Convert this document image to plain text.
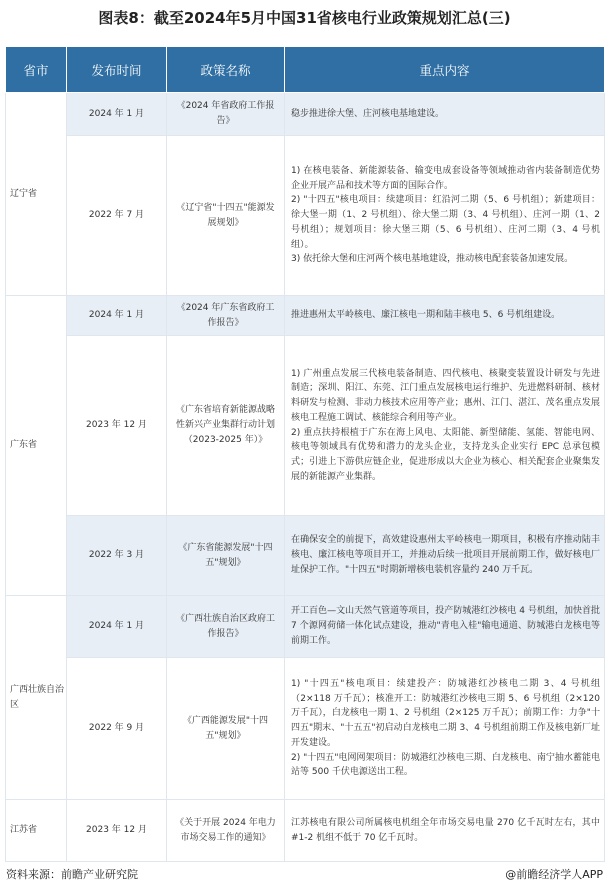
图表8：截至2024年5月中国31省核电行业政策规划汇总(三)
省市	发布时间	政策名称	重点内容
辽宁省	2024 年 1 月	《2024 年省政府工作报告》	稳步推进徐大堡、庄河核电基地建设。

	2022 年 7 月	《辽宁省"十四五"能源发展规划》	1) 在核电装备、新能源装备、输变电成套设备等领域推动省内装备制造优势企业开展产品和技术等方面的国际合作。
2) "十四五"核电项目：续建项目：红沿河二期（5、6 号机组）；新建项目：徐大堡一期（1、2 号机组）、徐大堡二期（3、4 号机组）、庄河一期（1、2 号机组）；规划项目：徐大堡三期（5、6 号机组）、庄河二期（3、4 号机组）。
3) 依托徐大堡和庄河两个核电基地建设，推动核电配套装备加速发展。

广东省	2024 年 1 月	《2024 年广东省政府工作报告》	推进惠州太平岭核电、廉江核电一期和陆丰核电 5、6 号机组建设。

	2023 年 12 月	《广东省培育新能源战略性新兴产业集群行动计划（2023-2025 年）》	1) 广州重点发展三代核电装备制造、四代核电、核聚变装置设计研发与先进制造；深圳、阳江、东莞、江门重点发展核电运行维护、先进燃料研制、核材料研发与检测、非动力核技术应用等产业；惠州、江门、湛江、茂名重点发展核电工程施工调试、核能综合利用等产业。
2) 重点扶持根植于广东在海上风电、太阳能、新型储能、氢能、智能电网、核电等领域具有优势和潜力的龙头企业，支持龙头企业实行 EPC 总承包模式；引进上下游供应链企业，促进形成以大企业为核心、相关配套企业聚集发展的新能源产业集群。

	2022 年 3 月	《广东省能源发展"十四五"规划》	在确保安全的前提下，高效建设惠州太平岭核电一期项目，积极有序推动陆丰核电、廉江核电等项目开工，并推动后续一批项目开展前期工作，做好核电厂址保护工作。"十四五"时期新增核电装机容量约 240 万千瓦。

广西壮族自治区	2024 年 1 月	《广西壮族自治区政府工作报告》	开工百色—文山天然气管道等项目，投产防城港红沙核电 4 号机组，加快首批 7 个源网荷储一体化试点建设，推动"青电入桂"输电通道、防城港白龙核电等前期工作。

	2022 年 9 月	《广西能源发展"十四五"规划》	1) "十四五"核电项目：续建投产：防城港红沙核电二期 3、4 号机组（2×118 万千瓦）；核准开工：防城港红沙核电三期 5、6 号机组（2×120 万千瓦），白龙核电一期 1、2 号机组（2×125 万千瓦）；前期工作：力争"十四五"期末、"十五五"初启动白龙核电二期 3、4 号机组前期工作及核电新厂址开发建设。
2) "十四五"电网网架项目：防城港红沙核电三期、白龙核电、南宁抽水蓄能电站等 500 千伏电源送出工程。

江苏省	2023 年 12 月	《关于开展 2024 年电力市场交易工作的通知》	江苏核电有限公司所属核电机组全年市场交易电量 270 亿千瓦时左右，其中#1-2 机组不低于 70 亿千瓦时。
资料来源：前瞻产业研究院	@前瞻经济学人APP
